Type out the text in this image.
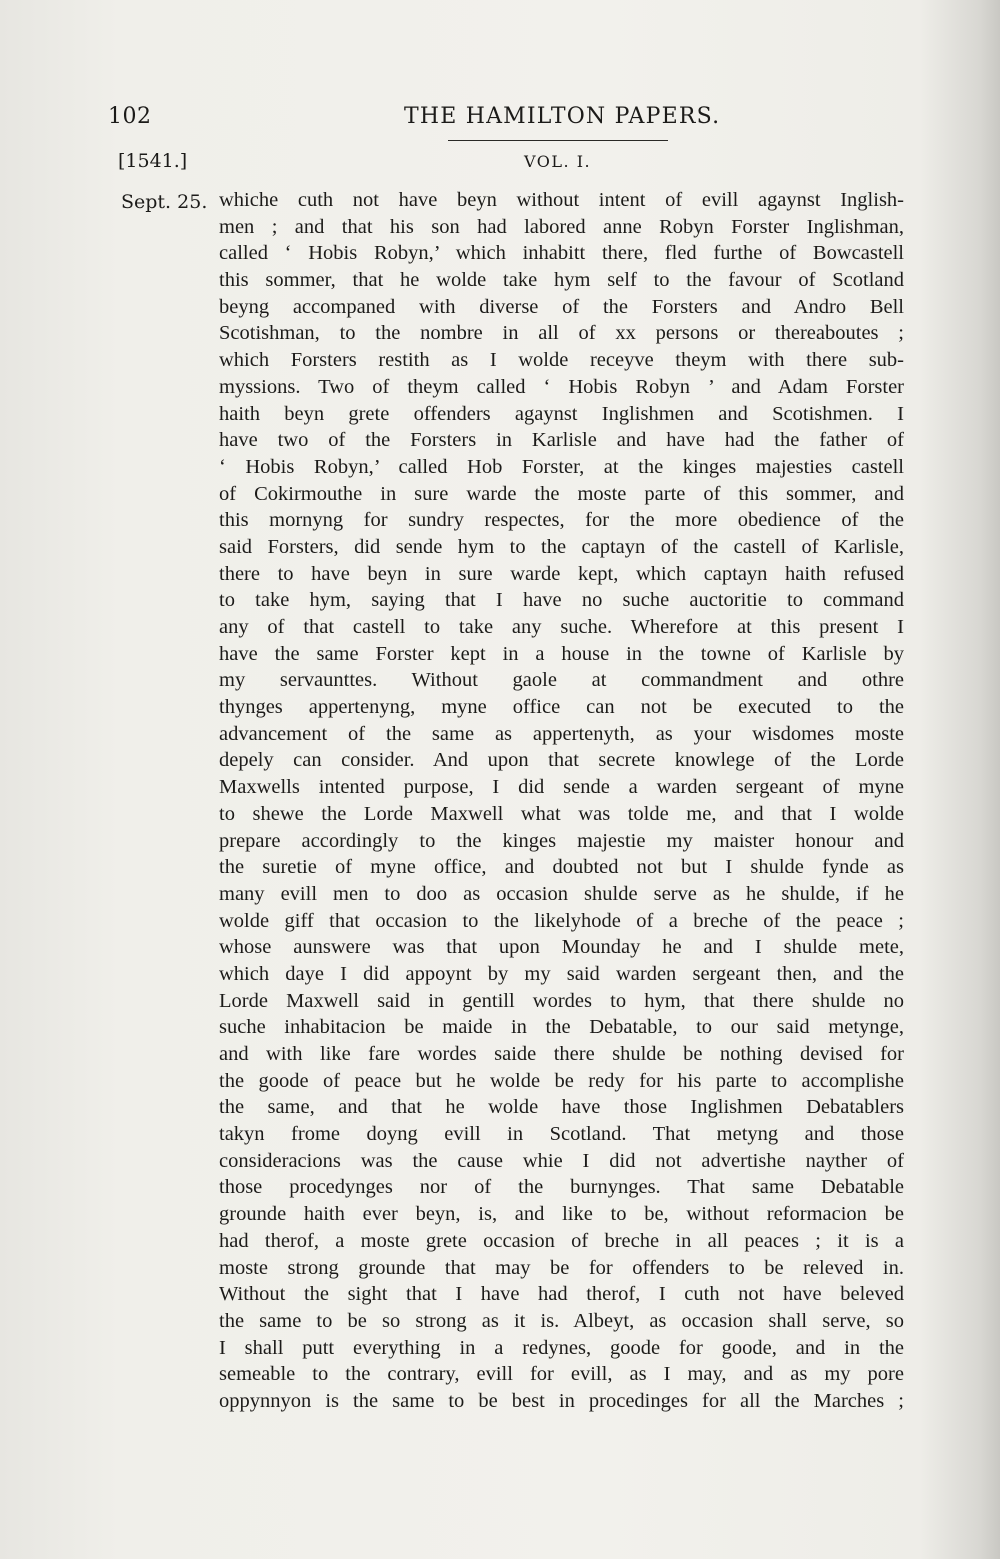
102	THE HAMILTON PAPERS.
[1541.]	VOL. I.
Sept. 25. whiche cuth not have beyn without intent of evill agaynst Inglish-
men ; and that his son had labored anne Robyn Forster Inglishman,
called ‘ Hobis Robyn,’ which inhabitt there, fled furthe of Bowcastell
this sommer, that he wolde take hym self to the favour of Scotland
beyng accompaned with diverse of the Forsters and Andro Bell
Scotishman, to the nombre in all of xx persons or thereaboutes ;
which Forsters restith as I wolde receyve theym with there sub-
myssions. Two of theym called ‘ Hobis Robyn ’ and Adam Forster
haith beyn grete offenders agaynst Inglishmen and Scotishmen. I
have two of the Forsters in Karlisle and have had the father of
‘ Hobis Robyn,’ called Hob Forster, at the kinges majesties castell
of Cokirmouthe in sure warde the moste parte of this sommer, and
this mornyng for sundry respectes, for the more obedience of the
said Forsters, did sende hym to the captayn of the castell of Karlisle,
there to have beyn in sure warde kept, which captayn haith refused
to take hym, saying that I have no suche auctoritie to command
any of that castell to take any suche. Wherefore at this present I
have the same Forster kept in a house in the towne of Karlisle by
my servaunttes. Without gaole at commandment and othre
thynges appertenyng, myne office can not be executed to the
advancement of the same as appertenyth, as your wisdomes moste
depely can consider. And upon that secrete knowlege of the Lorde
Maxwells intented purpose, I did sende a warden sergeant of myne
to shewe the Lorde Maxwell what was tolde me, and that I wolde
prepare accordingly to the kinges majestie my maister honour and
the suretie of myne office, and doubted not but I shulde fynde as
many evill men to doo as occasion shulde serve as he shulde, if he
wolde giff that occasion to the likelyhode of a breche of the peace ;
whose aunswere was that upon Mounday he and I shulde mete,
which daye I did appoynt by my said warden sergeant then, and the
Lorde Maxwell said in gentill wordes to hym, that there shulde no
suche inhabitacion be maide in the Debatable, to our said metynge,
and with like fare wordes saide there shulde be nothing devised for
the goode of peace but he wolde be redy for his parte to accomplishe
the same, and that he wolde have those Inglishmen Debatablers
takyn frome doyng evill in Scotland. That metyng and those
consideracions was the cause whie I did not advertishe nayther of
those procedynges nor of the burnynges. That same Debatable
grounde haith ever beyn, is, and like to be, without reformacion be
had therof, a moste grete occasion of breche in all peaces ; it is a
moste strong grounde that may be for offenders to be releved in.
Without the sight that I have had therof, I cuth not have beleved
the same to be so strong as it is. Albeyt, as occasion shall serve, so
I shall putt everything in a redynes, goode for goode, and in the
semeable to the contrary, evill for evill, as I may, and as my pore
oppynnyon is the same to be best in procedinges for all the Marches ;
